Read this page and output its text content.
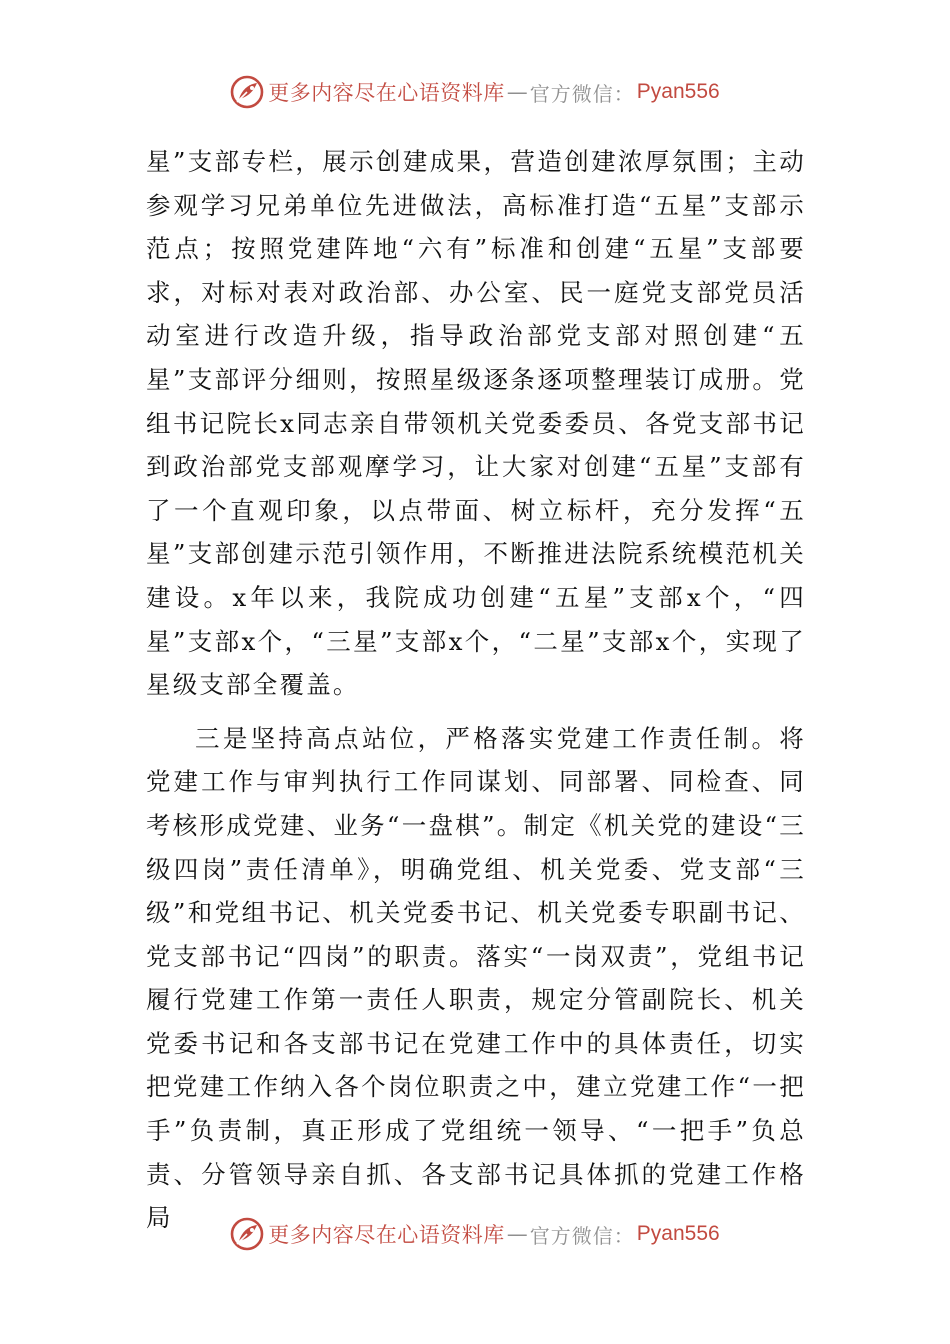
更多内容尽在心语资料库 — 官方微信： Pyan556

星”支部专栏，展示创建成果，营造创建浓厚氛围；主动参观学习兄弟单位先进做法，高标准打造“五星”支部示范点；按照党建阵地“六有”标准和创建“五星”支部要求，对标对表对政治部、办公室、民一庭党支部党员活动室进行改造升级，指导政治部党支部对照创建“五星”支部评分细则，按照星级逐条逐项整理装订成册。党组书记院长x同志亲自带领机关党委委员、各党支部书记到政治部党支部观摩学习，让大家对创建“五星”支部有了一个直观印象，以点带面、树立标杆，充分发挥“五星”支部创建示范引领作用，不断推进法院系统模范机关建设。x年以来，我院成功创建“五星”支部x个，“四星”支部x个，“三星”支部x个，“二星”支部x个，实现了星级支部全覆盖。

三是坚持高点站位，严格落实党建工作责任制。将党建工作与审判执行工作同谋划、同部署、同检查、同考核形成党建、业务“一盘棋”。制定《机关党的建设“三级四岗”责任清单》，明确党组、机关党委、党支部“三级”和党组书记、机关党委书记、机关党委专职副书记、党支部书记“四岗”的职责。落实“一岗双责”，党组书记履行党建工作第一责任人职责，规定分管副院长、机关党委书记和各支部书记在党建工作中的具体责任，切实把党建工作纳入各个岗位职责之中，建立党建工作“一把手”负责制，真正形成了党组统一领导、“一把手”负总责、分管领导亲自抓、各支部书记具体抓的党建工作格局

更多内容尽在心语资料库 — 官方微信： Pyan556
